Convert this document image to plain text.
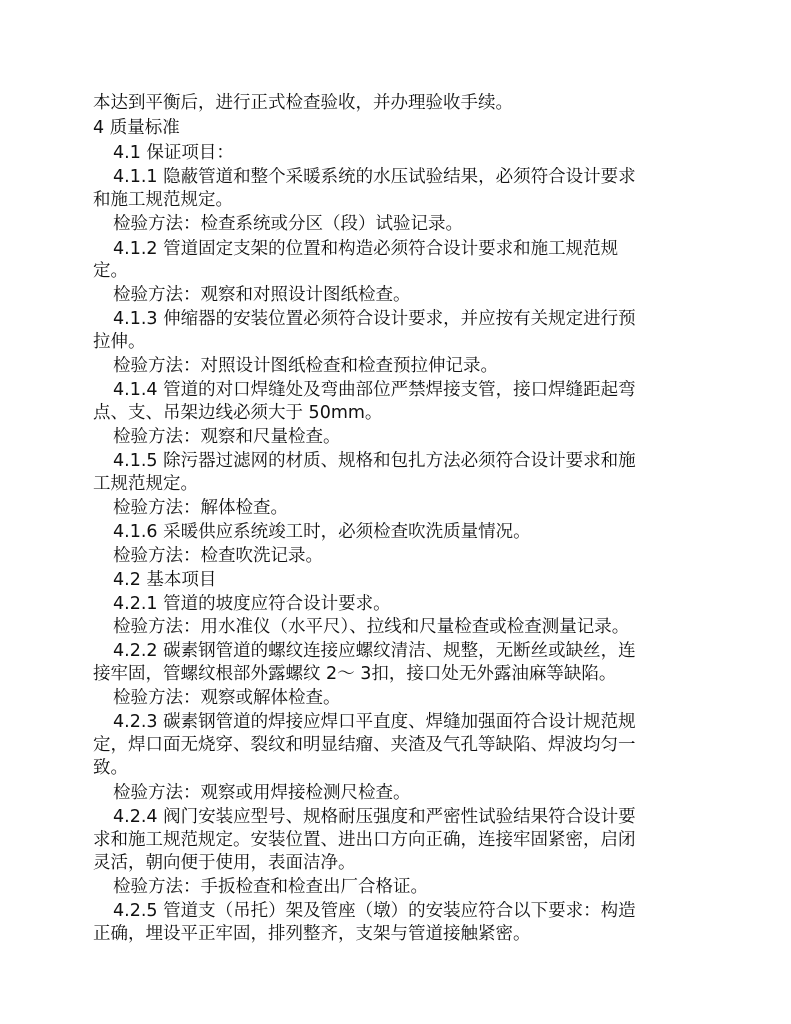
本达到平衡后，进行正式检查验收，并办理验收手续。
4 质量标准
4.1 保证项目：
4.1.1 隐蔽管道和整个采暖系统的水压试验结果，必须符合设计要求
和施工规范规定。
检验方法：检查系统或分区（段）试验记录。
4.1.2 管道固定支架的位置和构造必须符合设计要求和施工规范规
定。
检验方法：观察和对照设计图纸检查。
4.1.3 伸缩器的安装位置必须符合设计要求，并应按有关规定进行预
拉伸。
检验方法：对照设计图纸检查和检查预拉伸记录。
4.1.4 管道的对口焊缝处及弯曲部位严禁焊接支管，接口焊缝距起弯
点、支、吊架边线必须大于 50mm。
检验方法：观察和尺量检查。
4.1.5 除污器过滤网的材质、规格和包扎方法必须符合设计要求和施
工规范规定。
检验方法：解体检查。
4.1.6 采暖供应系统竣工时，必须检查吹洗质量情况。
检验方法：检查吹洗记录。
4.2 基本项目
4.2.1 管道的坡度应符合设计要求。
检验方法：用水准仪（水平尺）、拉线和尺量检查或检查测量记录。
4.2.2 碳素钢管道的螺纹连接应螺纹清洁、规整，无断丝或缺丝，连
接牢固，管螺纹根部外露螺纹 2～ 3扣，接口处无外露油麻等缺陷。
检验方法：观察或解体检查。
4.2.3 碳素钢管道的焊接应焊口平直度、焊缝加强面符合设计规范规
定，焊口面无烧穿、裂纹和明显结瘤、夹渣及气孔等缺陷、焊波均匀一
致。
检验方法：观察或用焊接检测尺检查。
4.2.4 阀门安装应型号、规格耐压强度和严密性试验结果符合设计要
求和施工规范规定。安装位置、进出口方向正确，连接牢固紧密，启闭
灵活，朝向便于使用，表面洁净。
检验方法：手扳检查和检查出厂合格证。
4.2.5 管道支（吊托）架及管座（墩）的安装应符合以下要求：构造
正确，埋设平正牢固，排列整齐，支架与管道接触紧密。
